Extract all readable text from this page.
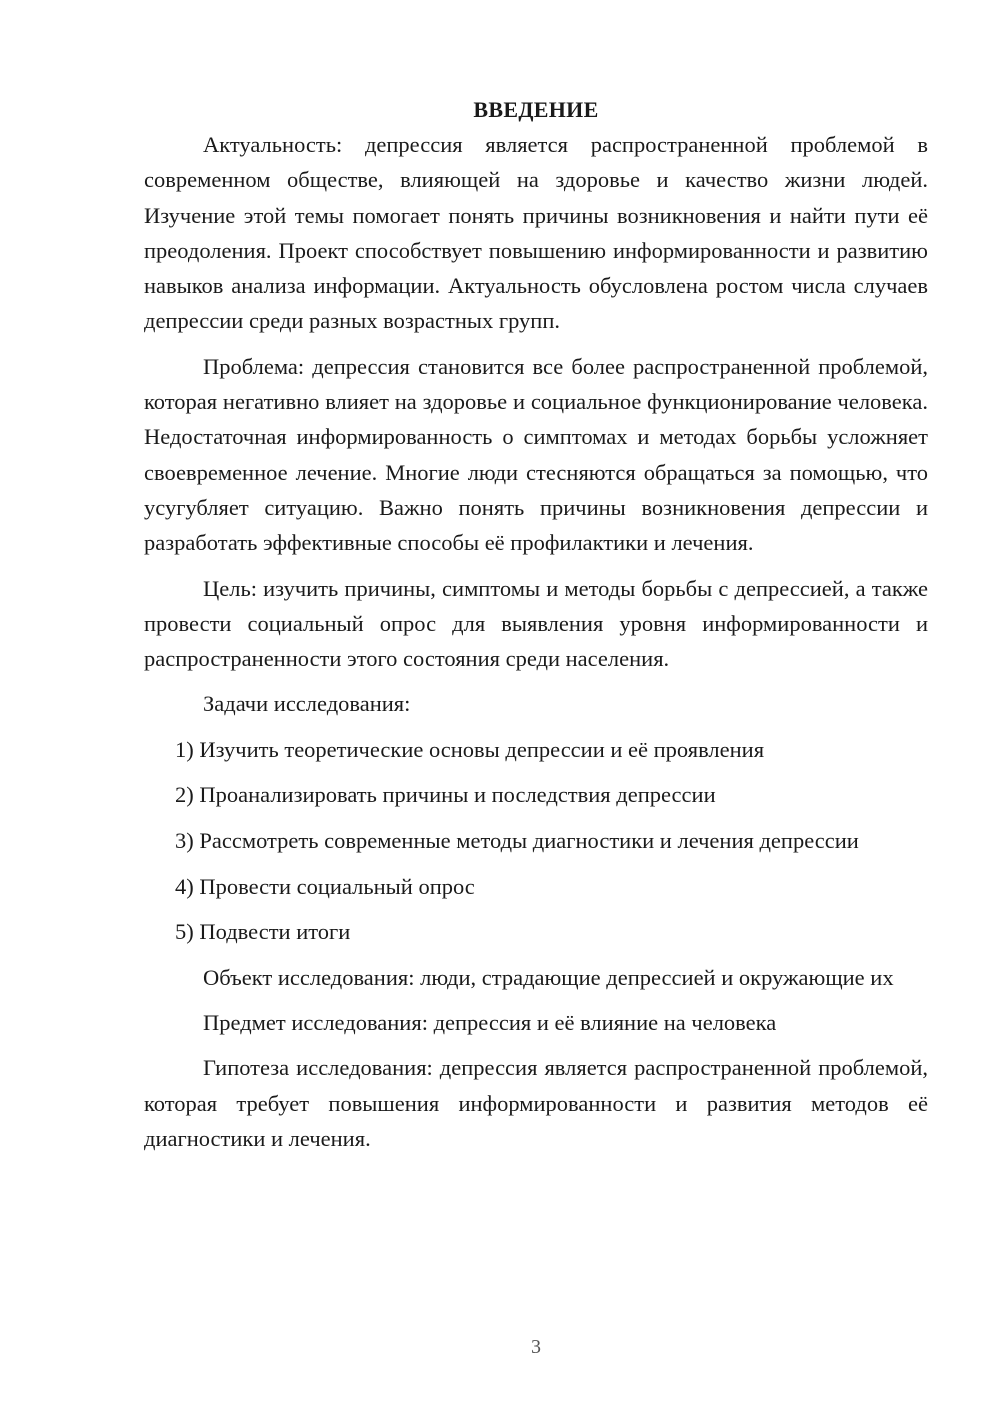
ВВЕДЕНИЕ

Актуальность: депрессия является распространенной проблемой в современном обществе, влияющей на здоровье и качество жизни людей. Изучение этой темы помогает понять причины возникновения и найти пути её преодоления. Проект способствует повышению информированности и развитию навыков анализа информации. Актуальность обусловлена ростом числа случаев депрессии среди разных возрастных групп.

Проблема: депрессия становится все более распространенной проблемой, которая негативно влияет на здоровье и социальное функционирование человека. Недостаточная информированность о симптомах и методах борьбы усложняет своевременное лечение. Многие люди стесняются обращаться за помощью, что усугубляет ситуацию. Важно понять причины возникновения депрессии и разработать эффективные способы её профилактики и лечения.

Цель: изучить причины, симптомы и методы борьбы с депрессией, а также провести социальный опрос для выявления уровня информированности и распространенности этого состояния среди населения.

Задачи исследования:

1) Изучить теоретические основы депрессии и её проявления
2) Проанализировать причины и последствия депрессии
3) Рассмотреть современные методы диагностики и лечения депрессии
4) Провести социальный опрос
5) Подвести итоги

Объект исследования: люди, страдающие депрессией и окружающие их

Предмет исследования: депрессия и её влияние на человека

Гипотеза исследования: депрессия является распространенной проблемой, которая требует повышения информированности и развития методов её диагностики и лечения.

3
